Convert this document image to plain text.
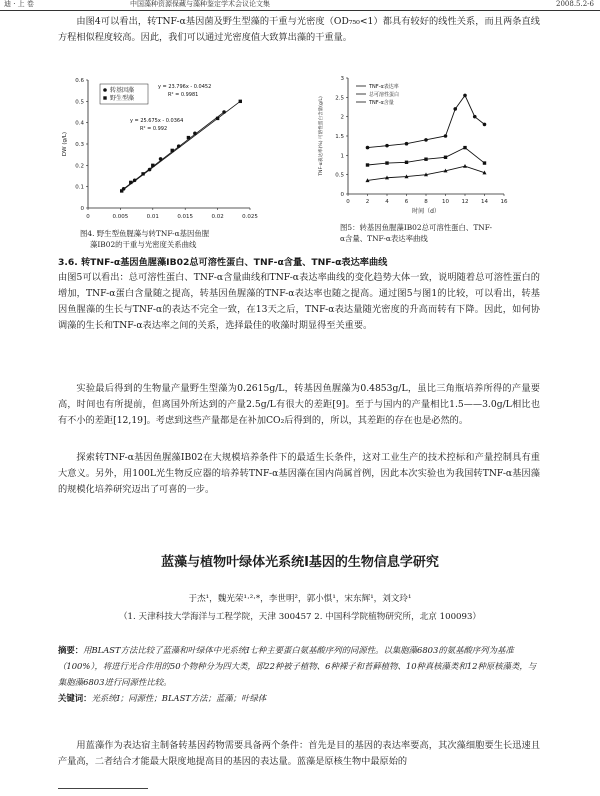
迪 · 上 卷	中国藻种资源保藏与藻种鉴定学术会议论文集	2008.5.2-6

由图4可以看出，转TNF-α基因菌及野生型藻的干重与光密度（OD₇₅₀<1）都具有较好的线性关系，而且两条直线方程相似程度较高。因此，我们可以通过光密度值大致算出藻的干重量。

0	0.005	0.01	0.015	0.02	0.025
0
0.1
0.2
0.3
0.4
0.5
0.6
DW (g/L)
转基因藻
野生型藻
y = 23.796x - 0.0452
R² = 0.9981
y = 25.675x - 0.0364
R² = 0.992
图4. 野生型鱼腥藻与转TNF-α基因鱼腥
藻IB02的干重与光密度关系曲线
0	2	4	6	8	10 12 14 16
0
0.5
1
1.5
2
2.5
3
时间（d）
TNF-α表达率(%) 可溶性蛋白含量(g/L)
TNF-α表达率
总可溶性蛋白
TNF-α含量
图5：转基因鱼腥藻IB02总可溶性蛋白、TNF-
α含量、TNF-α表达率曲线
3.6. 转TNF-α基因鱼腥藻IB02总可溶性蛋白、TNF-α含量、TNF-α表达率曲线

由图5可以看出：总可溶性蛋白、TNF-α含量曲线和TNF-α表达率曲线的变化趋势大体一致，说明随着总可溶性蛋白的增加，TNF-α蛋白含量随之提高，转基因鱼腥藻的TNF-α表达率也随之提高。通过图5与图1的比较，可以看出，转基因鱼腥藻的生长与TNF-α的表达不完全一致，在13天之后，TNF-α表达量随光密度的升高而转有下降。因此，如何协调藻的生长和TNF-α表达率之间的关系，选择最佳的收藻时期显得至关重要。

实验最后得到的生物量产量野生型藻为0.2615g/L，转基因鱼腥藻为0.4853g/L，虽比三角瓶培养所得的产量要高，时间也有所提前，但离国外所达到的产量2.5g/L有很大的差距[9]。至于与国内的产量相比1.5——3.0g/L相比也有不小的差距[12,19]。考虑到这些产量都是在补加CO₂后得到的，所以，其差距的存在也是必然的。

探索转TNF-α基因鱼腥藻IB02在大规模培养条件下的最适生长条件，这对工业生产的技术控标和产量控制具有重大意义。另外，用100L光生物反应器的培养转TNF-α基因藻在国内尚属首例，因此本次实验也为我国转TNF-α基因藻的规模化培养研究迈出了可喜的一步。

蓝藻与植物叶绿体光系统I基因的生物信息学研究
于杰¹，魏光荣¹·²·*，李世明²，郭小惧¹，宋东辉¹，刘文玲¹
（1. 天津科技大学海洋与工程学院，天津 300457 2. 中国科学院植物研究所，北京 100093）

摘要：用BLAST方法比较了蓝藻和叶绿体中光系统I七种主要蛋白氨基酸序列的同源性。以集胞藻6803的氨基酸序列为基准（100%），将进行光合作用的50个物种分为四大类，即22种被子植物、6种裸子和苔藓植物、10种真核藻类和12种原核藻类，与集胞藻6803进行同源性比较。

关键词：光系统I；同源性；BLAST方法；蓝藻；叶绿体

用蓝藻作为表达宿主制备转基因药物需要具备两个条件：首先是目的基因的表达率要高，其次藻细胞要生长迅速且产量高，二者结合才能最大限度地提高目的基因的表达量。蓝藻是原核生物中最原始的
